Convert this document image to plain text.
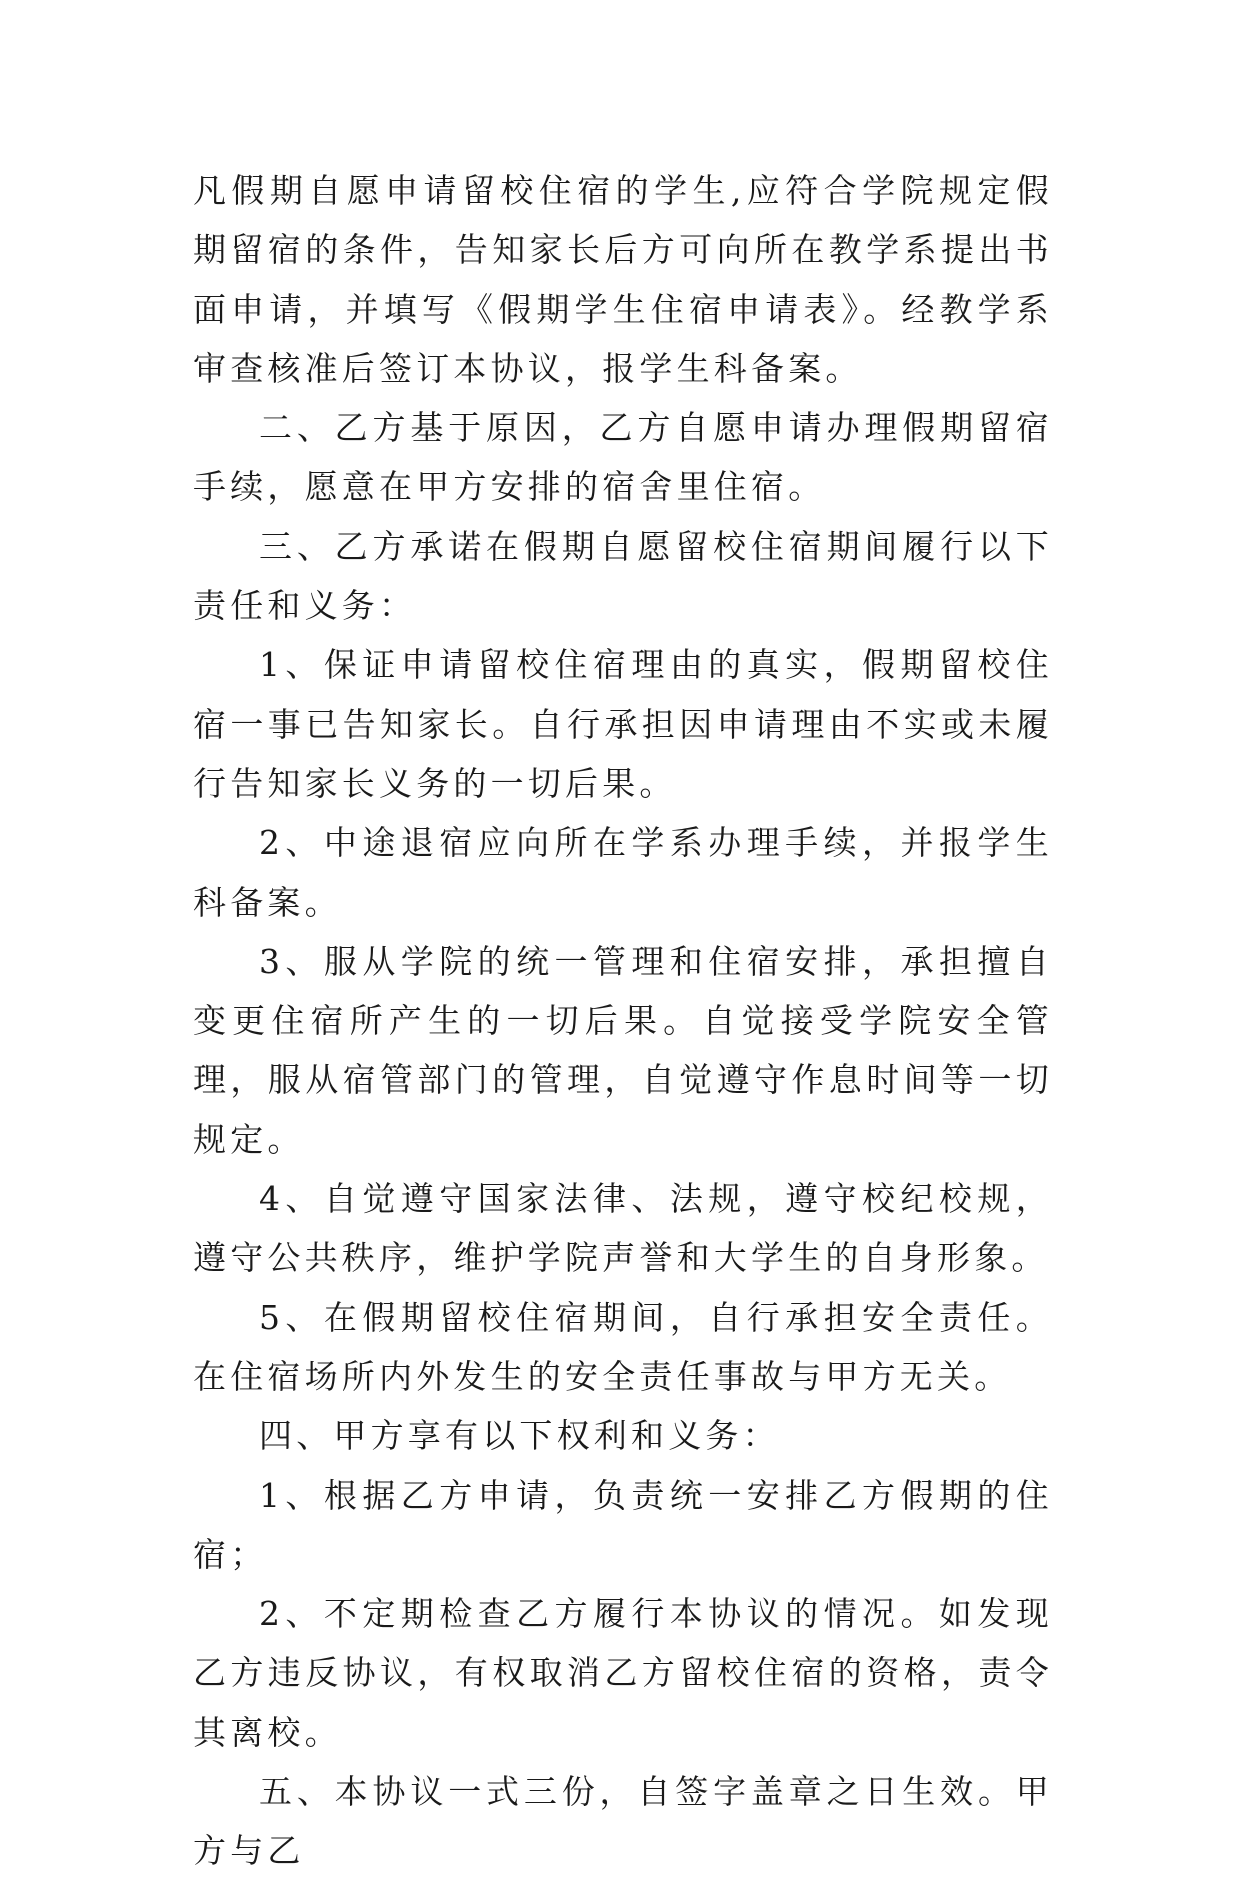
凡假期自愿申请留校住宿的学生,应符合学院规定假期留宿的条件，告知家长后方可向所在教学系提出书面申请，并填写《假期学生住宿申请表》。经教学系审查核准后签订本协议，报学生科备案。

二、乙方基于原因，乙方自愿申请办理假期留宿手续，愿意在甲方安排的宿舍里住宿。

三、乙方承诺在假期自愿留校住宿期间履行以下责任和义务：

1、保证申请留校住宿理由的真实，假期留校住宿一事已告知家长。自行承担因申请理由不实或未履行告知家长义务的一切后果。

2、中途退宿应向所在学系办理手续，并报学生科备案。

3、服从学院的统一管理和住宿安排，承担擅自变更住宿所产生的一切后果。自觉接受学院安全管理，服从宿管部门的管理，自觉遵守作息时间等一切规定。

4、自觉遵守国家法律、法规，遵守校纪校规，遵守公共秩序，维护学院声誉和大学生的自身形象。

5、在假期留校住宿期间，自行承担安全责任。在住宿场所内外发生的安全责任事故与甲方无关。

四、甲方享有以下权利和义务：

1、根据乙方申请，负责统一安排乙方假期的住宿；

2、不定期检查乙方履行本协议的情况。如发现乙方违反协议，有权取消乙方留校住宿的资格，责令其离校。

五、本协议一式三份，自签字盖章之日生效。甲方与乙
